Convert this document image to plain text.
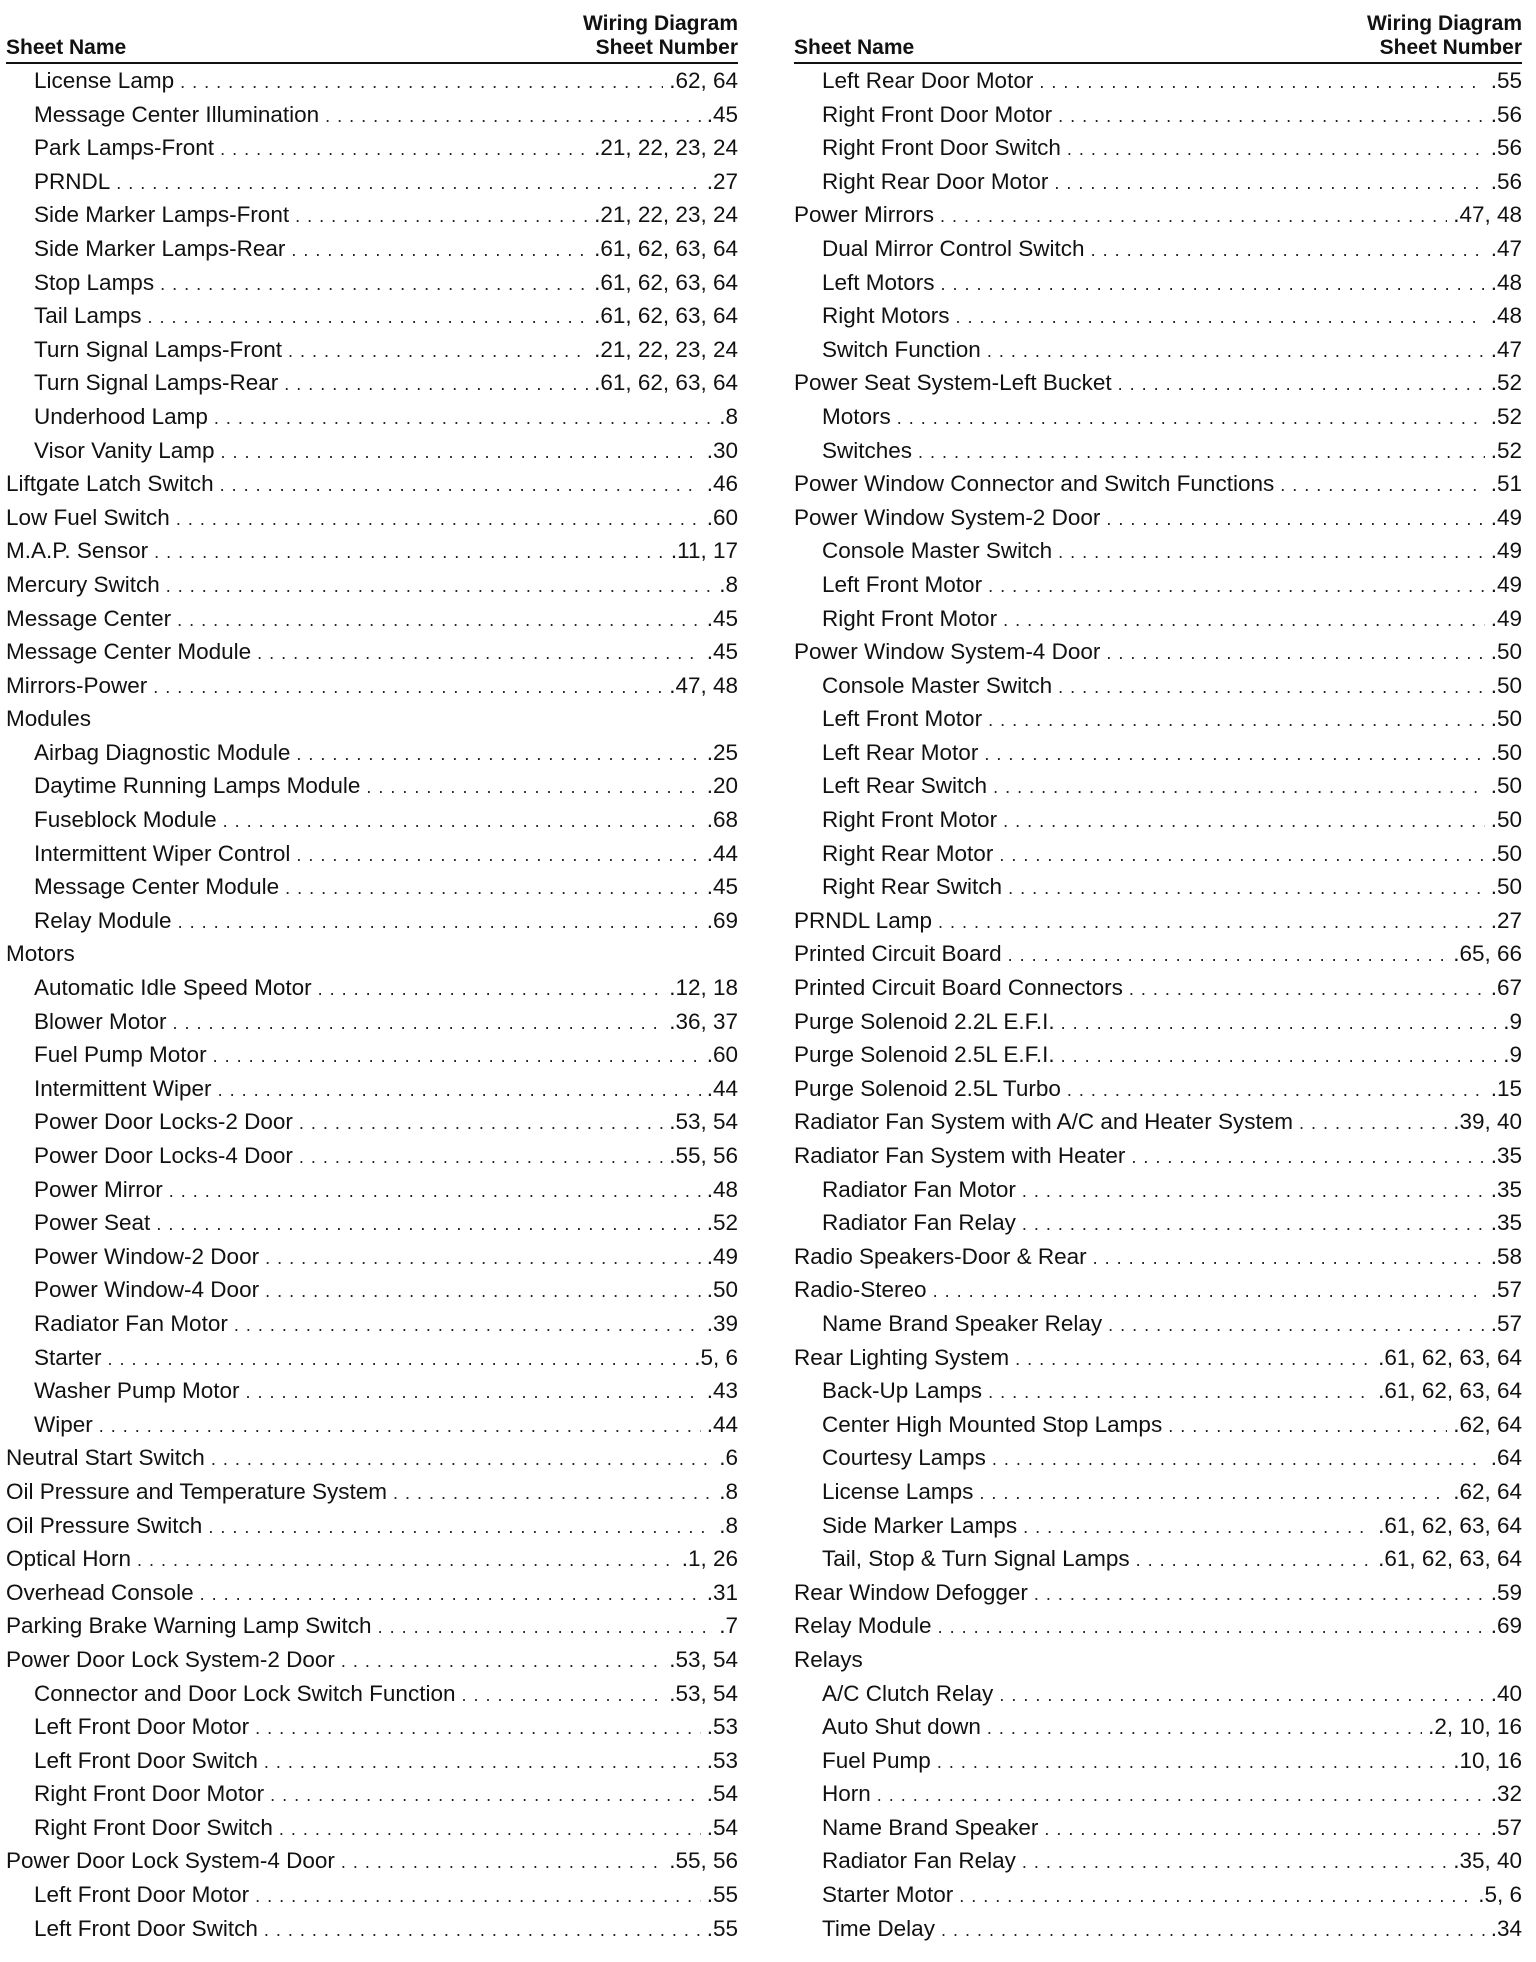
Sheet Name
Wiring Diagram
Sheet Number
License Lamp . . .	.62, 64
Message Center Illumination . . .	.45
Park Lamps-Front . . .	.21, 22, 23, 24
PRNDL . . .	.27
Side Marker Lamps-Front . . .	.21, 22, 23, 24
Side Marker Lamps-Rear . . .	.61, 62, 63, 64
Stop Lamps . . .	.61, 62, 63, 64
Tail Lamps . . .	.61, 62, 63, 64
Turn Signal Lamps-Front . . .	.21, 22, 23, 24
Turn Signal Lamps-Rear . . .	.61, 62, 63, 64
Underhood Lamp . . .	.8
Visor Vanity Lamp . . .	.30
Liftgate Latch Switch . . .	.46
Low Fuel Switch . . .	.60
M.A.P. Sensor . . .	.11, 17
Mercury Switch . . .	.8
Message Center . . .	.45
Message Center Module . . .	.45
Mirrors-Power . . .	.47, 48
Modules
Airbag Diagnostic Module . . .	.25
Daytime Running Lamps Module . . .	.20
Fuseblock Module . . .	.68
Intermittent Wiper Control . . .	.44
Message Center Module . . .	.45
Relay Module . . .	.69
Motors
Automatic Idle Speed Motor . . .	.12, 18
Blower Motor . . .	.36, 37
Fuel Pump Motor . . .	.60
Intermittent Wiper . . .	.44
Power Door Locks-2 Door . . .	.53, 54
Power Door Locks-4 Door . . .	.55, 56
Power Mirror . . .	.48
Power Seat . . .	.52
Power Window-2 Door . . .	.49
Power Window-4 Door . . .	.50
Radiator Fan Motor . . .	.39
Starter . . .	.5, 6
Washer Pump Motor . . .	.43
Wiper . . .	.44
Neutral Start Switch . . .	.6
Oil Pressure and Temperature System . . .	.8
Oil Pressure Switch . . .	.8
Optical Horn . . .	.1, 26
Overhead Console . . .	.31
Parking Brake Warning Lamp Switch . . .	.7
Power Door Lock System-2 Door . . .	.53, 54
Connector and Door Lock Switch Function . . .	.53, 54
Left Front Door Motor . . .	.53
Left Front Door Switch . . .	.53
Right Front Door Motor . . .	.54
Right Front Door Switch . . .	.54
Power Door Lock System-4 Door . . .	.55, 56
Left Front Door Motor . . .	.55
Left Front Door Switch . . .	.55
Sheet Name
Wiring Diagram
Sheet Number
Left Rear Door Motor . . .	.55
Right Front Door Motor . . .	.56
Right Front Door Switch . . .	.56
Right Rear Door Motor . . .	.56
Power Mirrors . . .	.47, 48
Dual Mirror Control Switch . . .	.47
Left Motors . . .	.48
Right Motors . . .	.48
Switch Function . . .	.47
Power Seat System-Left Bucket . . .	.52
Motors . . .	.52
Switches . . .	.52
Power Window Connector and Switch Functions . . .	.51
Power Window System-2 Door . . .	.49
Console Master Switch . . .	.49
Left Front Motor . . .	.49
Right Front Motor . . .	.49
Power Window System-4 Door . . .	.50
Console Master Switch . . .	.50
Left Front Motor . . .	.50
Left Rear Motor . . .	.50
Left Rear Switch . . .	.50
Right Front Motor . . .	.50
Right Rear Motor . . .	.50
Right Rear Switch . . .	.50
PRNDL Lamp . . .	.27
Printed Circuit Board . . .	.65, 66
Printed Circuit Board Connectors . . .	.67
Purge Solenoid 2.2L E.F.I. . . .	.9
Purge Solenoid 2.5L E.F.I. . . .	.9
Purge Solenoid 2.5L Turbo . . .	.15
Radiator Fan System with A/C and Heater System . . .	.39, 40
Radiator Fan System with Heater . . .	.35
Radiator Fan Motor . . .	.35
Radiator Fan Relay . . .	.35
Radio Speakers-Door & Rear . . .	.58
Radio-Stereo . . .	.57
Name Brand Speaker Relay . . .	.57
Rear Lighting System . . .	.61, 62, 63, 64
Back-Up Lamps . . .	.61, 62, 63, 64
Center High Mounted Stop Lamps . . .	.62, 64
Courtesy Lamps . . .	.64
License Lamps . . .	.62, 64
Side Marker Lamps . . .	.61, 62, 63, 64
Tail, Stop & Turn Signal Lamps . . .	.61, 62, 63, 64
Rear Window Defogger . . .	.59
Relay Module . . .	.69
Relays
A/C Clutch Relay . . .	.40
Auto Shut down . . .	.2, 10, 16
Fuel Pump . . .	.10, 16
Horn . . .	.32
Name Brand Speaker . . .	.57
Radiator Fan Relay . . .	.35, 40
Starter Motor . . .	.5, 6
Time Delay . . .	.34
